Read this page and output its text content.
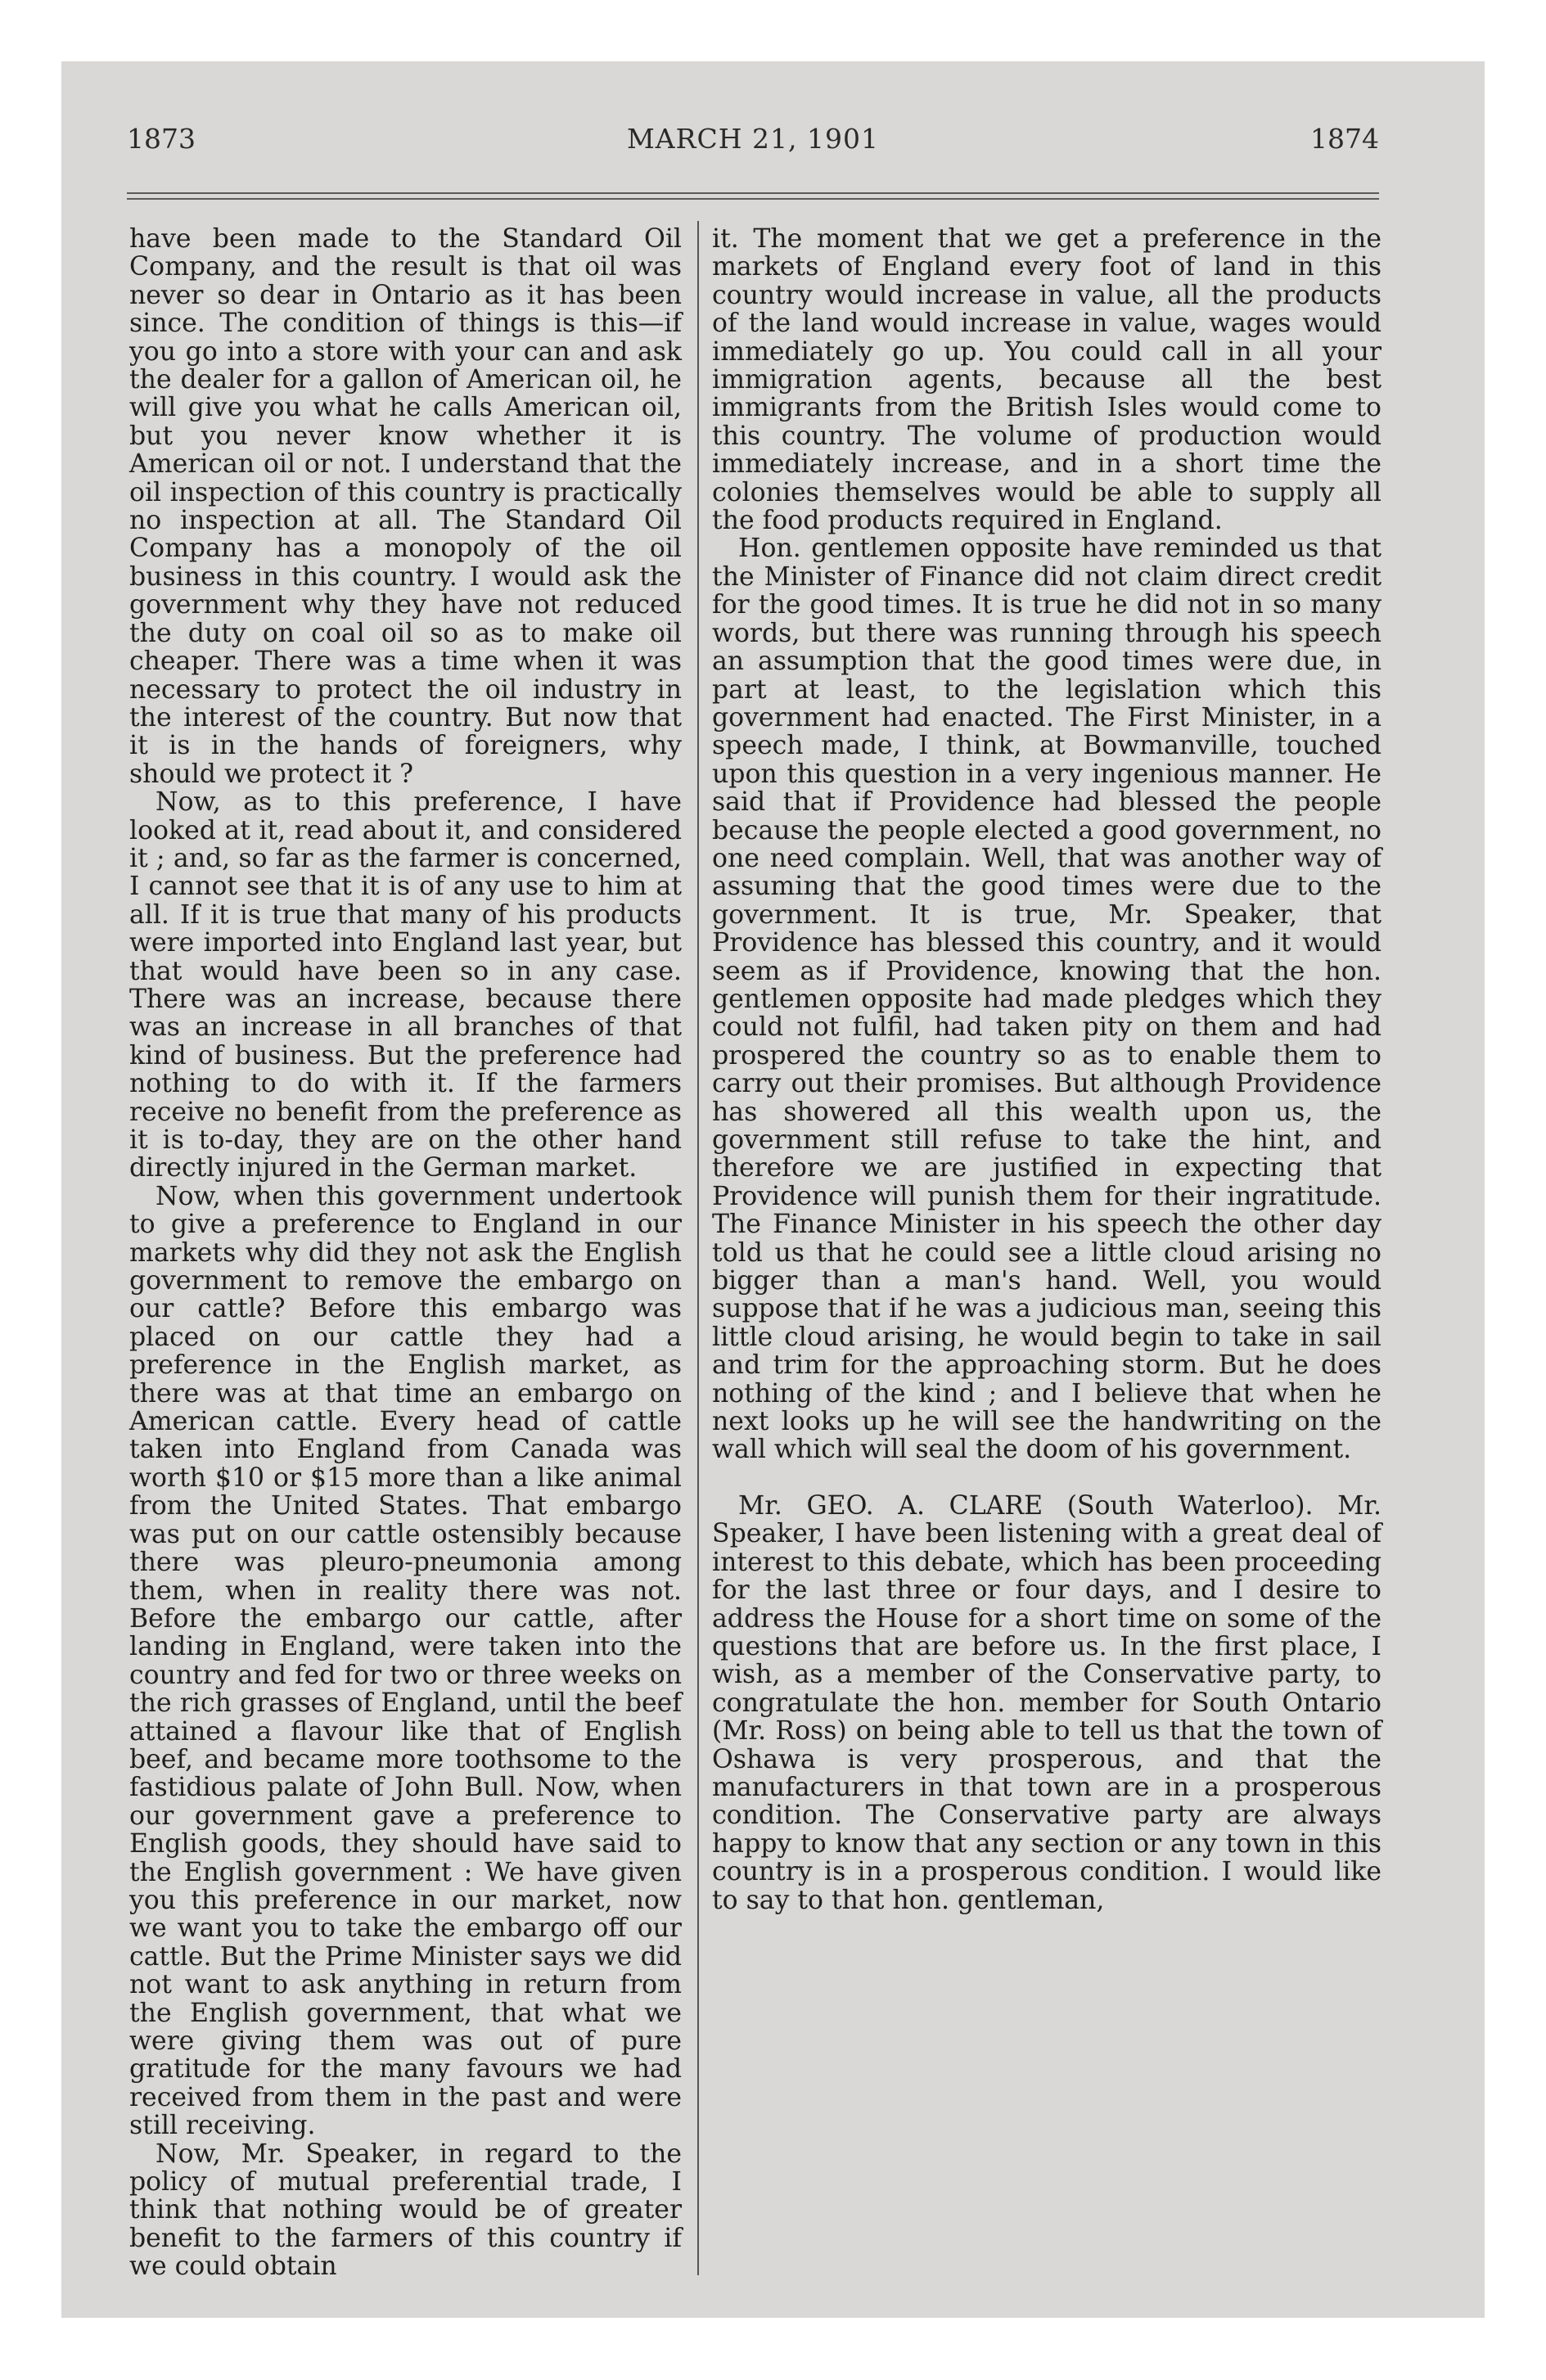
1873	MARCH 21, 1901	1874

have been made to the Standard Oil Company, and the result is that oil was never so dear in Ontario as it has been since. The condition of things is this—if you go into a store with your can and ask the dealer for a gallon of American oil, he will give you what he calls American oil, but you never know whether it is American oil or not. I understand that the oil inspection of this country is practically no inspection at all. The Standard Oil Company has a monopoly of the oil business in this country. I would ask the government why they have not reduced the duty on coal oil so as to make oil cheaper. There was a time when it was necessary to protect the oil industry in the interest of the country. But now that it is in the hands of foreigners, why should we protect it ?

Now, as to this preference, I have looked at it, read about it, and considered it ; and, so far as the farmer is concerned, I cannot see that it is of any use to him at all. If it is true that many of his products were imported into England last year, but that would have been so in any case. There was an increase, because there was an increase in all branches of that kind of business. But the preference had nothing to do with it. If the farmers receive no benefit from the preference as it is to-day, they are on the other hand directly injured in the German market.

Now, when this government undertook to give a preference to England in our markets why did they not ask the English government to remove the embargo on our cattle? Before this embargo was placed on our cattle they had a preference in the English market, as there was at that time an embargo on American cattle. Every head of cattle taken into England from Canada was worth $10 or $15 more than a like animal from the United States. That embargo was put on our cattle ostensibly because there was pleuro-pneumonia among them, when in reality there was not. Before the embargo our cattle, after landing in England, were taken into the country and fed for two or three weeks on the rich grasses of England, until the beef attained a flavour like that of English beef, and became more toothsome to the fastidious palate of John Bull. Now, when our government gave a preference to English goods, they should have said to the English government : We have given you this preference in our market, now we want you to take the embargo off our cattle. But the Prime Minister says we did not want to ask anything in return from the English government, that what we were giving them was out of pure gratitude for the many favours we had received from them in the past and were still receiving.

Now, Mr. Speaker, in regard to the policy of mutual preferential trade, I think that nothing would be of greater benefit to the farmers of this country if we could obtain

it. The moment that we get a preference in the markets of England every foot of land in this country would increase in value, all the products of the land would increase in value, wages would immediately go up. You could call in all your immigration agents, because all the best immigrants from the British Isles would come to this country. The volume of production would immediately increase, and in a short time the colonies themselves would be able to supply all the food products required in England.

Hon. gentlemen opposite have reminded us that the Minister of Finance did not claim direct credit for the good times. It is true he did not in so many words, but there was running through his speech an assumption that the good times were due, in part at least, to the legislation which this government had enacted. The First Minister, in a speech made, I think, at Bowmanville, touched upon this question in a very ingenious manner. He said that if Providence had blessed the people because the people elected a good government, no one need complain. Well, that was another way of assuming that the good times were due to the government. It is true, Mr. Speaker, that Providence has blessed this country, and it would seem as if Providence, knowing that the hon. gentlemen opposite had made pledges which they could not fulfil, had taken pity on them and had prospered the country so as to enable them to carry out their promises. But although Providence has showered all this wealth upon us, the government still refuse to take the hint, and therefore we are justified in expecting that Providence will punish them for their ingratitude. The Finance Minister in his speech the other day told us that he could see a little cloud arising no bigger than a man's hand. Well, you would suppose that if he was a judicious man, seeing this little cloud arising, he would begin to take in sail and trim for the approaching storm. But he does nothing of the kind ; and I believe that when he next looks up he will see the handwriting on the wall which will seal the doom of his government.

Mr. GEO. A. CLARE (South Waterloo). Mr. Speaker, I have been listening with a great deal of interest to this debate, which has been proceeding for the last three or four days, and I desire to address the House for a short time on some of the questions that are before us. In the first place, I wish, as a member of the Conservative party, to congratulate the hon. member for South Ontario (Mr. Ross) on being able to tell us that the town of Oshawa is very prosperous, and that the manufacturers in that town are in a prosperous condition. The Conservative party are always happy to know that any section or any town in this country is in a prosperous condition. I would like to say to that hon. gentleman,
